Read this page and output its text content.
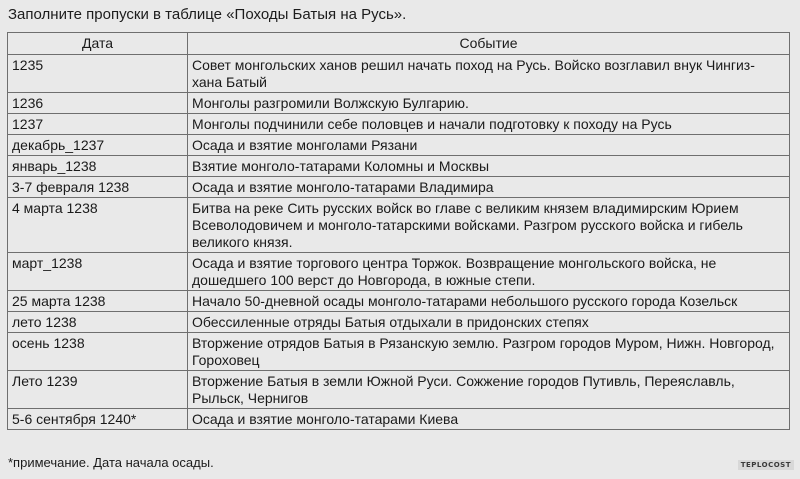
Заполните пропуски в таблице «Походы Батыя на Русь».
Дата	Событие
1235	Совет монгольских ханов решил начать поход на Русь. Войско возглавил внук Чингиз-хана Батый
1236	Монголы разгромили Волжскую Булгарию.
1237	Монголы подчинили себе половцев и начали подготовку к походу на Русь
декабрь_1237	Осада и взятие монголами Рязани
январь_1238	Взятие монголо-татарами Коломны и Москвы
3-7 февраля 1238	Осада и взятие монголо-татарами Владимира
4 марта 1238	Битва на реке Сить русских войск во главе с великим князем владимирским Юрием Всеволодовичем и монголо-татарскими войсками. Разгром русского войска и гибель великого князя.
март_1238	Осада и взятие торгового центра Торжок. Возвращение монгольского войска, не дошедшего 100 верст до Новгорода, в южные степи.
25 марта 1238	Начало 50-дневной осады монголо-татарами небольшого русского города Козельск
лето 1238	Обессиленные отряды Батыя отдыхали в придонских степях
осень 1238	Вторжение отрядов Батыя в Рязанскую землю. Разгром городов Муром, Нижн. Новгород, Гороховец
Лето 1239	Вторжение Батыя в земли Южной Руси. Сожжение городов Путивль, Переяславль, Рыльск, Чернигов
5-6 сентября 1240*	Осада и взятие монголо-татарами Киева
*примечание. Дата начала осады.	TEPLOCOST
